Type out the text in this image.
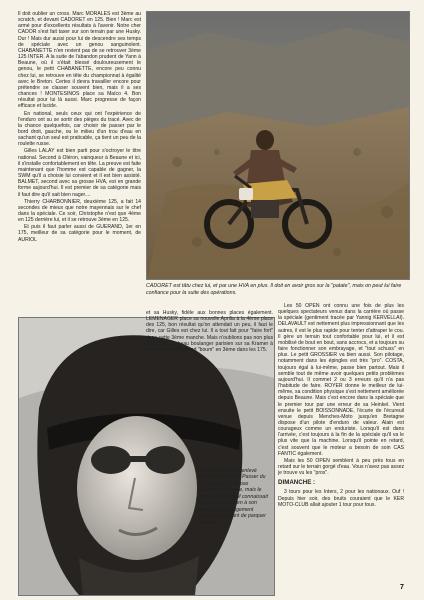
Il doit oublier un cross. Marc MORALES est 3ème au scratch, et devant CADORET en 125. Bien ! Marc est armé pour d'excellents résultats à l'avenir. Notre cher CADOR s'est fait taxer sur son terrain par une Husky. Dur ! Mais dur aussi pour lui de descendre ses temps de spéciale avec un genou sanguinolent. CHABANETTE n'en revient pas de se retrouver 3ème 125 INTER. A la suite de l'abandon prudent de Yann à Beaune, où il s'était blessé douloureusement le genou, le petit CHABANETTE, encore peu connu chez lui, se retrouve en tête du championnat à égalité avec le Breton. Certes il devra travailler encore pour prétendre se classer souvent bien, mais il a ses chances ! MONTESINOS place sa Maïco 4. Bon résultat pour lui là aussi. Marc progresse de façon efficace et lucide.

En national, seuls ceux qui ont l'expérience de l'enduro ont su se sortir des pièges du tracé. Avec de la chance quelquefois, car choisir de passer par le bord droit, gauche, ou le milieu d'un trou d'eau en sachant qu'un seul est praticable, ça tient un peu de la roulette russe.

Gilles LALAY est bien parti pour s'octroyer le titre national. Second à Oléron, vainqueur à Beaune et ici, il s'installe confortablement en tête. La preuve est faite maintenant que l'homme est capable de gagner, la SWM qu'il a choisie lui convient et il est bien assisté. BALMET, second avec sa grosse HVA, est en grande forme aujourd'hui. Il est premier de sa catégorie mais il faut dire qu'il sait bien nager....

Thierry CHARBONNIER, deuxième 125, a fait 14 secondes de mieux que notre mayennais sur le chef dans la spéciale. Ce soir, Christophe n'est que 4ème en 125 derrière lui, et il se retrouve 3ème en 125.

Et puis il faut parler aussi de GUERAND, 1er en 175, meilleur de sa catégorie pour le moment, de AURIOL

CADORET est tâtu chez lui, et par une HVA en plus. Il doit en avoir gros sur la "patate", mais on peut lui faire confiance pour la suite des opérations.

et sa Husky, fidèle aux bonnes places également. LEMENAGER place sa nouvelle Aprilia à la 4ème place des 125, bon résultat qu'on attendait un peu, il faut le dire, car Gilles est chez lui. Il a tout fait pour "faire fort" dans cette 3ème manche. Mais n'oublions pas non plus SAFFRAY, le beau boulanger parisien sur sa Kramer à réaction, qui fait grand "boum" en 3ème dans les 175.

Eric GROSSIER a enlevé gagné sa manche. Passer du 125 au 50cc n'est pas spécialement facile, mais le petit cylindrée qu'il connaissait déjà convenait bien à son gabarit. Un changement d'envergure avant de parquer sa moto.

Les 50 OPEN ont connu une fois de plus les quelques spectateurs venus dans la carrière où passe la spéciale (gentiment tracée par Yannig KERVELLAI). DELAVAULT est nettement plus impressionnant que les autres, il est le plus rapide pour tenter d'attraper le cou. Il gère un terrain tout confortable pour lui, et il est mobilisé de bout en bout, sans accrocs, et a toujours su faire fonctionner son embrayage, et "tout schuss" en plus. Le petit GROSSIER va bien aussi. Son pilotage, notamment dans les épingles est très "pro". COSTA, toujours égal à lui-même, passe bien partout. Mais il semble tout de même avoir quelques petits problèmes aujourd'hui. Il commet 2 ou 3 erreurs qu'il n'a pas l'habitude de faire. ROYER donne le meilleur de lui-même, sa condition physique s'est nettement améliorée depuis Beaune. Mais c'est encore dans la spéciale que le premier tour par une erreur de sa Heinkel. Vient ensuite le petit BOISSONNADE, l'écurie de l'écureuil venue depuis Menches-Moto jusqu'en Bretagne dispose d'un pilote d'enduro de valeur. Alain est courageux comme un enduriste. Lorsqu'il est dans l'arrivée, c'est toujours à la fin de la spéciale qu'il va le plus vite que la machine. Lorsqu'il pointe en retard, c'est souvent que le moteur a besoin de soin CAS FANTIC également.

Mais les 50 OPEN semblent à peu près tous en retard sur le terrain gorgé d'eau. Vous n'avez pas assez je trouve vu les "pros".

DIMANCHE :

3 tours pour les Inters, 2 pour les nationaux. Ouf ! Depuis hier soir, des bruits couraient que le KER MOTO-CLUB allait ajouter 1 tour pour tous.

7
